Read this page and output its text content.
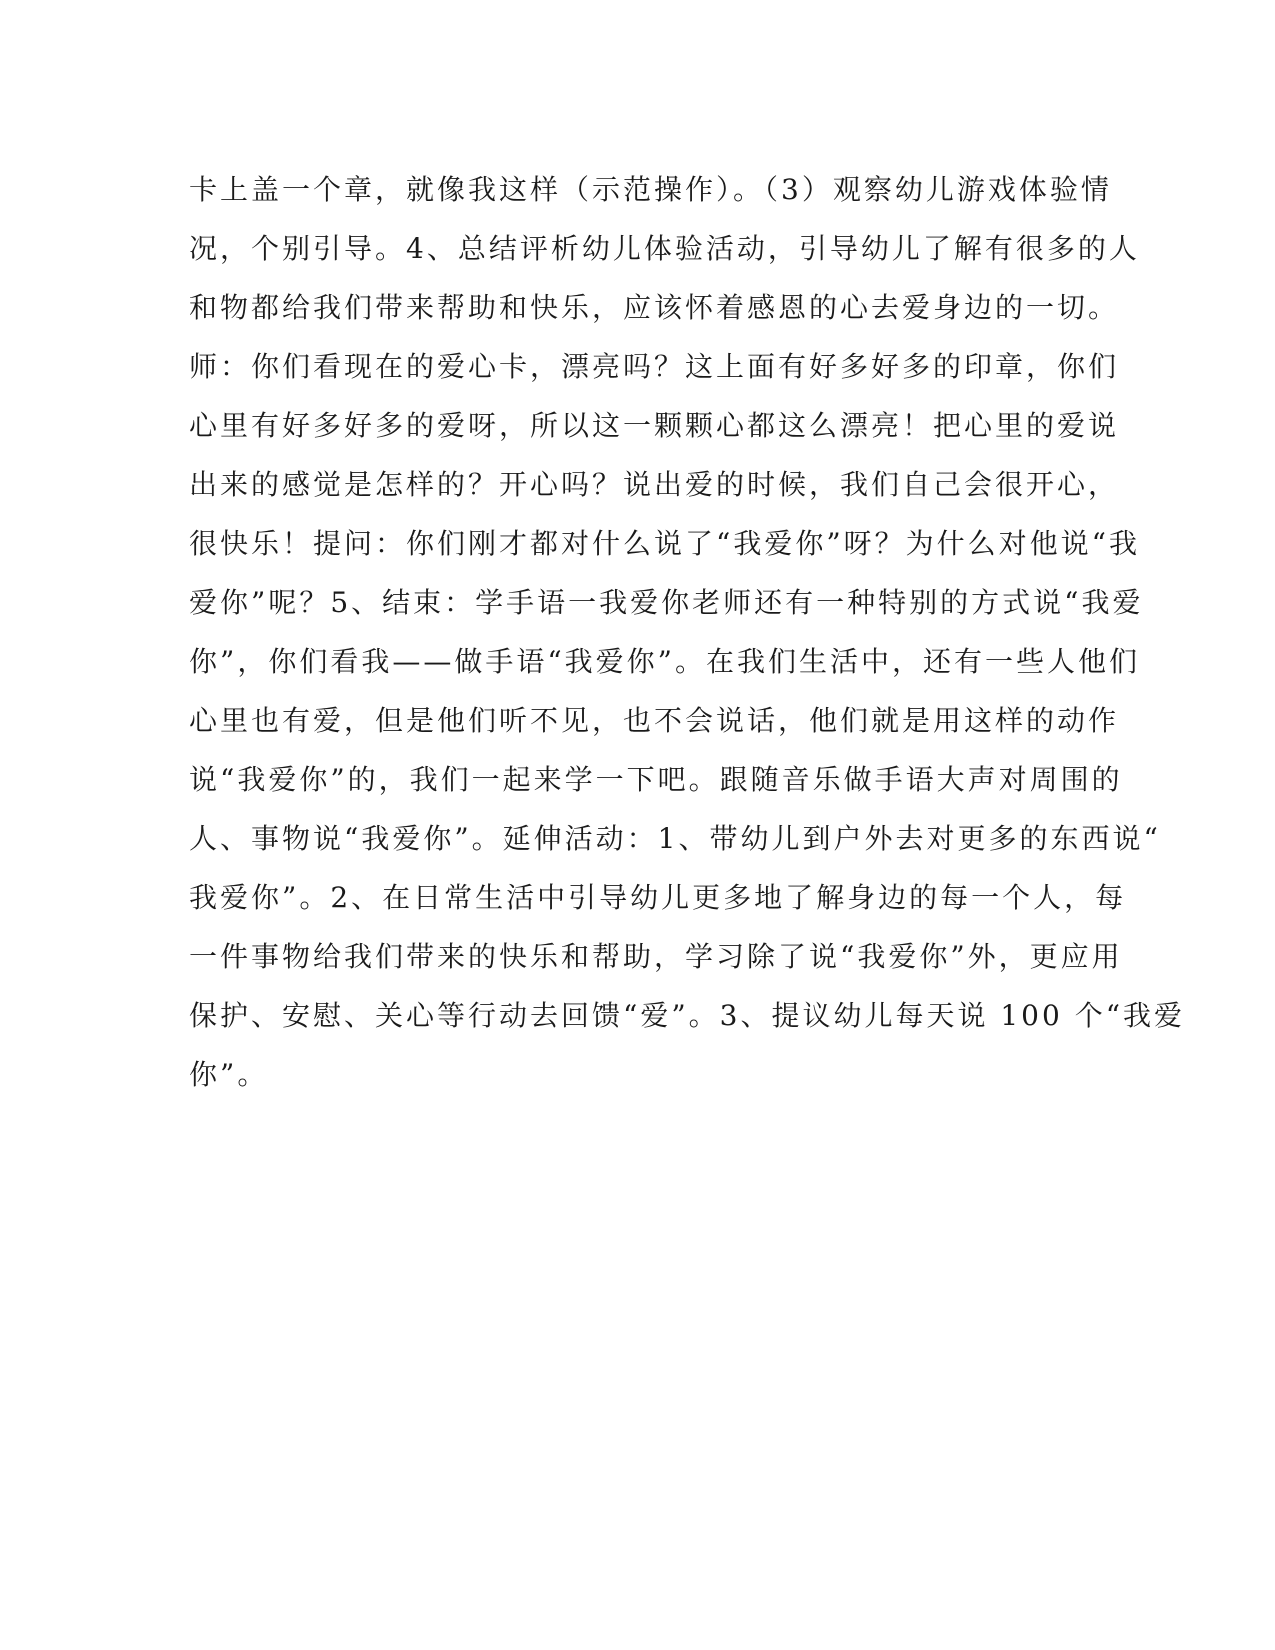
卡上盖一个章，就像我这样（示范操作）。（3）观察幼儿游戏体验情
况，个别引导。4、总结评析幼儿体验活动，引导幼儿了解有很多的人
和物都给我们带来帮助和快乐，应该怀着感恩的心去爱身边的一切。
师：你们看现在的爱心卡，漂亮吗？这上面有好多好多的印章，你们
心里有好多好多的爱呀，所以这一颗颗心都这么漂亮！把心里的爱说
出来的感觉是怎样的？开心吗？说出爱的时候，我们自己会很开心，
很快乐！提问：你们刚才都对什么说了“我爱你”呀？为什么对他说“我
爱你”呢？5、结束：学手语一我爱你老师还有一种特别的方式说“我爱
你”，你们看我——做手语“我爱你”。在我们生活中，还有一些人他们
心里也有爱，但是他们听不见，也不会说话，他们就是用这样的动作
说“我爱你”的，我们一起来学一下吧。跟随音乐做手语大声对周围的
人、事物说“我爱你”。延伸活动：1、带幼儿到户外去对更多的东西说“
我爱你”。2、在日常生活中引导幼儿更多地了解身边的每一个人，每
一件事物给我们带来的快乐和帮助，学习除了说“我爱你”外，更应用
保护、安慰、关心等行动去回馈“爱”。3、提议幼儿每天说 100 个“我爱
你”。
